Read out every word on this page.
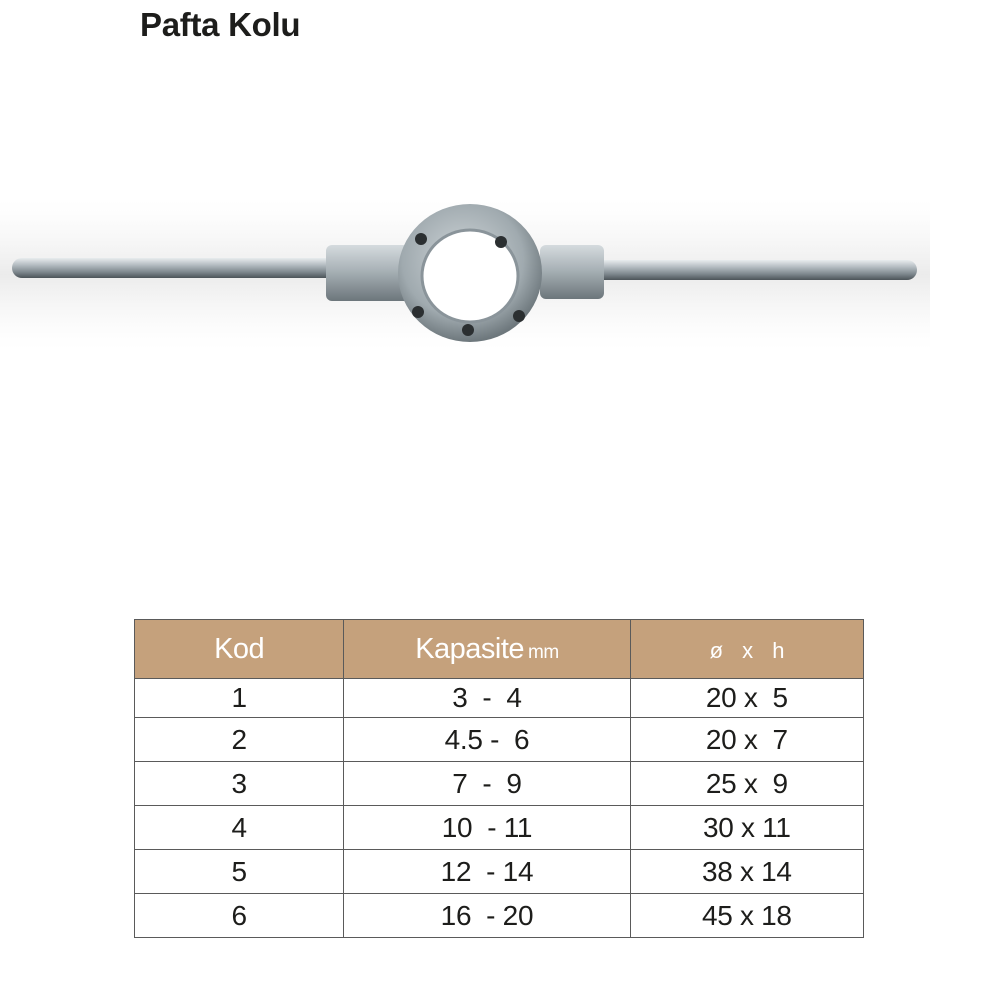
Pafta Kolu
Kod	Kapasite mm	ø x h
1	3  -  4	20 x  5
2	4.5 -  6	20 x  7
3	7  -  9	25 x  9
4	10  - 11	30 x 11
5	12  - 14	38 x 14
6	16  - 20	45 x 18
